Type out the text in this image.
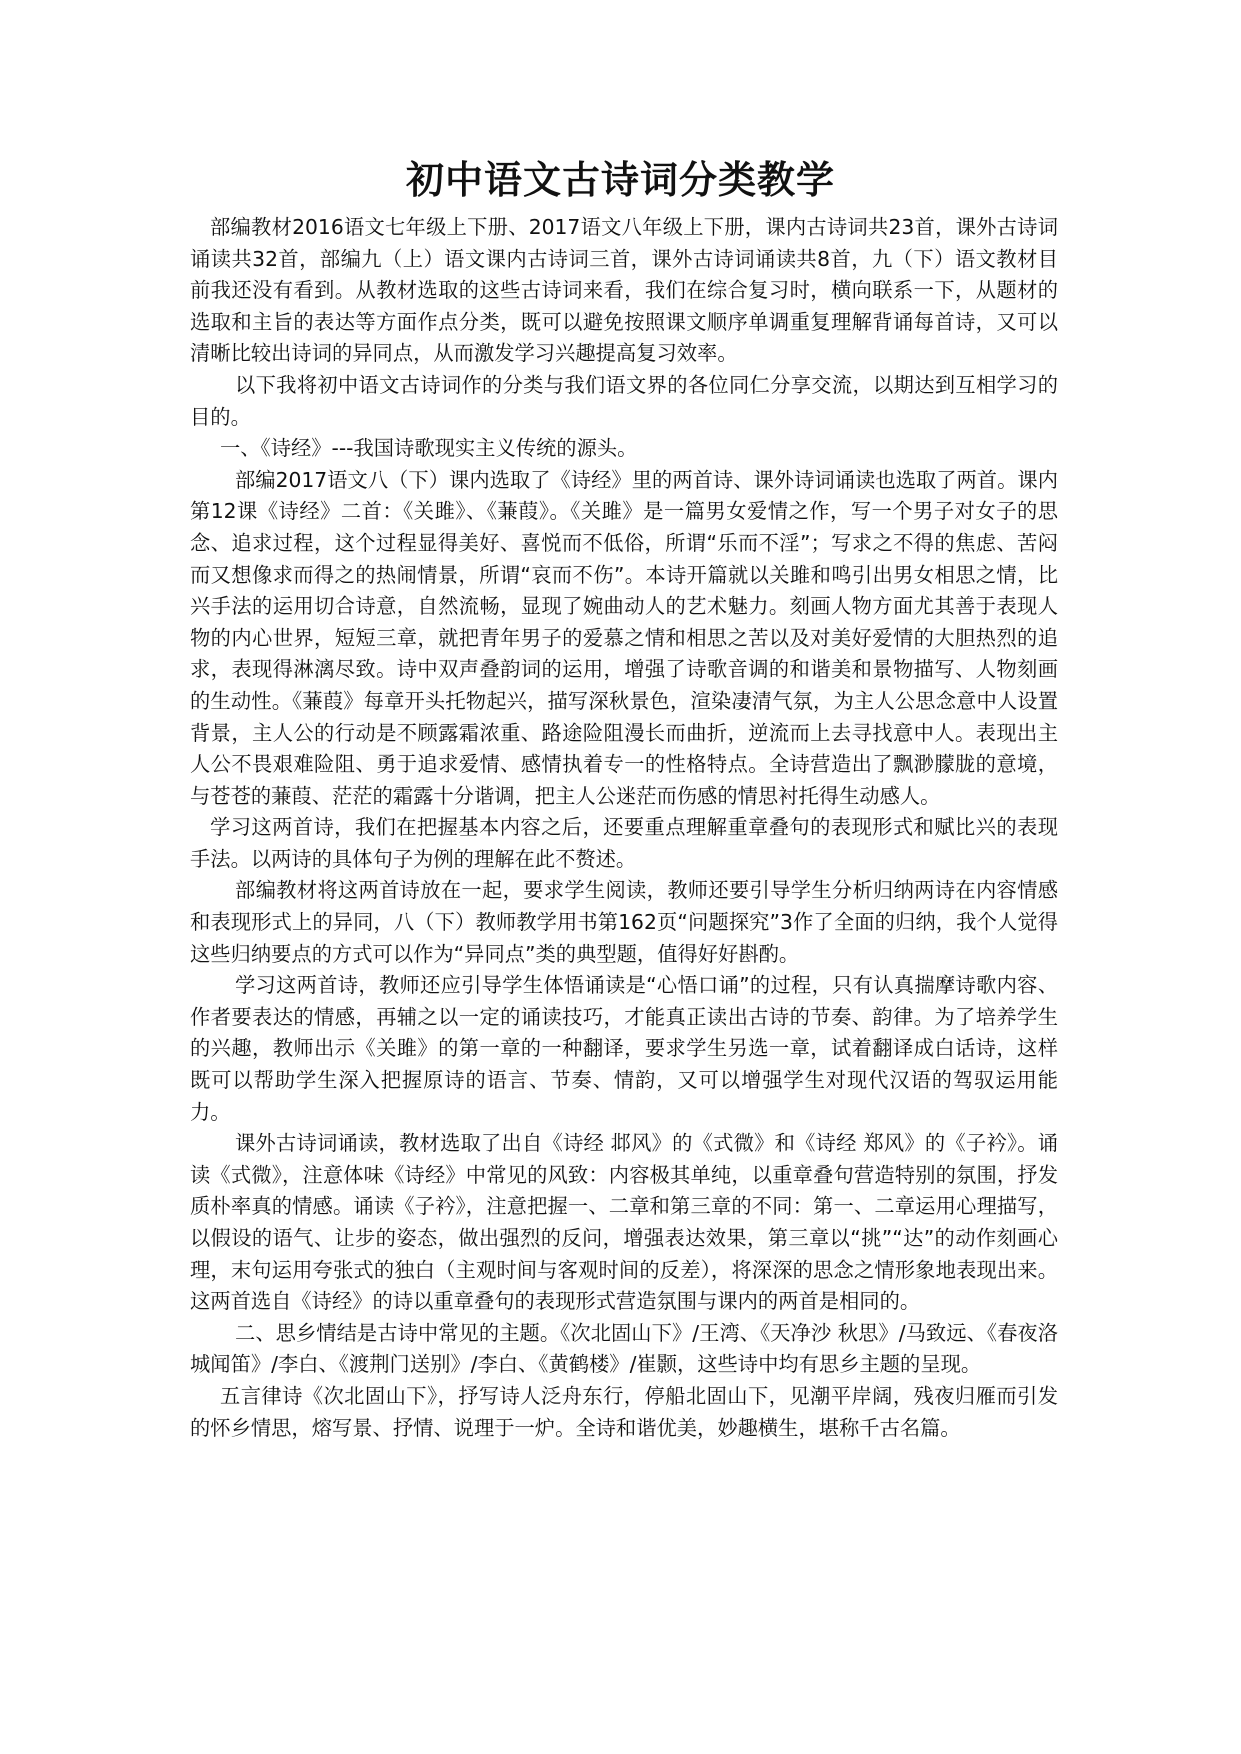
初中语文古诗词分类教学

部编教材2016语文七年级上下册、2017语文八年级上下册，课内古诗词共23首，课外古诗词诵读共32首，部编九（上）语文课内古诗词三首，课外古诗词诵读共8首，九（下）语文教材目前我还没有看到。从教材选取的这些古诗词来看，我们在综合复习时，横向联系一下，从题材的选取和主旨的表达等方面作点分类，既可以避免按照课文顺序单调重复理解背诵每首诗，又可以清晰比较出诗词的异同点，从而激发学习兴趣提高复习效率。

以下我将初中语文古诗词作的分类与我们语文界的各位同仁分享交流，以期达到互相学习的目的。

一、《诗经》---我国诗歌现实主义传统的源头。

部编2017语文八（下）课内选取了《诗经》里的两首诗、课外诗词诵读也选取了两首。课内第12课《诗经》二首：《关雎》、《蒹葭》。《关雎》是一篇男女爱情之作，写一个男子对女子的思念、追求过程，这个过程显得美好、喜悦而不低俗，所谓“乐而不淫”；写求之不得的焦虑、苦闷而又想像求而得之的热闹情景，所谓“哀而不伤”。本诗开篇就以关雎和鸣引出男女相思之情，比兴手法的运用切合诗意，自然流畅，显现了婉曲动人的艺术魅力。刻画人物方面尤其善于表现人物的内心世界，短短三章，就把青年男子的爱慕之情和相思之苦以及对美好爱情的大胆热烈的追求，表现得淋漓尽致。诗中双声叠韵词的运用，增强了诗歌音调的和谐美和景物描写、人物刻画的生动性。《蒹葭》每章开头托物起兴，描写深秋景色，渲染凄清气氛，为主人公思念意中人设置背景，主人公的行动是不顾露霜浓重、路途险阻漫长而曲折，逆流而上去寻找意中人。表现出主人公不畏艰难险阻、勇于追求爱情、感情执着专一的性格特点。全诗营造出了飘渺朦胧的意境，与苍苍的蒹葭、茫茫的霜露十分谐调，把主人公迷茫而伤感的情思衬托得生动感人。

学习这两首诗，我们在把握基本内容之后，还要重点理解重章叠句的表现形式和赋比兴的表现手法。以两诗的具体句子为例的理解在此不赘述。

部编教材将这两首诗放在一起，要求学生阅读，教师还要引导学生分析归纳两诗在内容情感和表现形式上的异同，八（下）教师教学用书第162页“问题探究”3作了全面的归纳，我个人觉得这些归纳要点的方式可以作为“异同点”类的典型题，值得好好斟酌。

学习这两首诗，教师还应引导学生体悟诵读是“心悟口诵”的过程，只有认真揣摩诗歌内容、作者要表达的情感，再辅之以一定的诵读技巧，才能真正读出古诗的节奏、韵律。为了培养学生的兴趣，教师出示《关雎》的第一章的一种翻译，要求学生另选一章，试着翻译成白话诗，这样既可以帮助学生深入把握原诗的语言、节奏、情韵，又可以增强学生对现代汉语的驾驭运用能力。

课外古诗词诵读，教材选取了出自《诗经 邶风》的《式微》和《诗经 郑风》的《子衿》。诵读《式微》，注意体味《诗经》中常见的风致：内容极其单纯，以重章叠句营造特别的氛围，抒发质朴率真的情感。诵读《子衿》，注意把握一、二章和第三章的不同：第一、二章运用心理描写，以假设的语气、让步的姿态，做出强烈的反问，增强表达效果，第三章以“挑”“达”的动作刻画心理，末句运用夸张式的独白（主观时间与客观时间的反差），将深深的思念之情形象地表现出来。这两首选自《诗经》的诗以重章叠句的表现形式营造氛围与课内的两首是相同的。

二、思乡情结是古诗中常见的主题。《次北固山下》/王湾、《天净沙 秋思》/马致远、《春夜洛城闻笛》/李白、《渡荆门送别》/李白、《黄鹤楼》/崔颢，这些诗中均有思乡主题的呈现。

五言律诗《次北固山下》，抒写诗人泛舟东行，停船北固山下，见潮平岸阔，残夜归雁而引发的怀乡情思，熔写景、抒情、说理于一炉。全诗和谐优美，妙趣横生，堪称千古名篇。
